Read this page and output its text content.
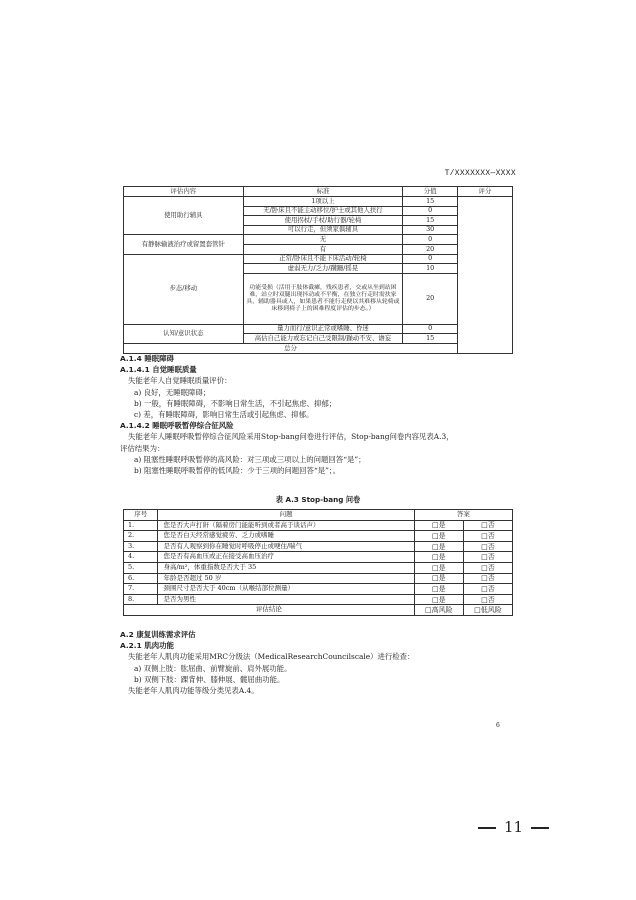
T/XXXXXXX—XXXX
评估内容	标准	分值	评分
使用助行辅具	1项以上	15	
	无/卧床且不能主动移位/护士或其他人扶行	0	
	使用拐杖/手杖/助行器/轮椅	15	
	可以行走，但须家俱辅具	30	
有静脉输液治疗或留置套管针	无	0	
	有	20	
步态/移动	正常/卧床且不能下床活动/轮椅	0	
	虚弱无力/乏力/蹒跚/摇晃	10	
	功能受损（活用于肢体截瘫，残疾患者，交或从坐到站困难，站立时双腿出现抖动或不平衡，在独立行走时需扶家具，辅助器具或人，如果患者不能行走便以其难移从轮椅或床移到椅子上的困难程度评估的步态。）	20	
认知/意识状态	量力而行/意识正常或嗜睡、昏迷	0	
	高估自己能力或忘记自己受限制/躁动不安、谵妄	15	
总分			
A.1.4 睡眠障碍
A.1.4.1 自觉睡眠质量
失能老年人自觉睡眠质量评价：
a) 良好，无睡眠障碍；
b) 一般，有睡眠障碍，不影响日常生活，不引起焦虑、抑郁；
c) 差，有睡眠障碍，影响日常生活或引起焦虑、抑郁。
A.1.4.2 睡眠呼吸暂停综合征风险
失能老年人睡眠呼吸暂停综合征风险采用Stop-bang问卷进行评估，Stop-bang问卷内容见表A.3，
评估结果为：
a) 阻塞性睡眠呼吸暂停的高风险：对三项或三项以上的问题回答“是”；
b) 阻塞性睡眠呼吸暂停的低风险：少于三项的问题回答“是”；。
表 A.3 Stop-bang 问卷
序号	问题	答案	
1.	您是否大声打鼾（隔着房门能能听到或者高于谈话声）	□是	□否
2.	您是否白天经常感觉疲劳、乏力或嗜睡	□是	□否
3.	是否有人观察到你在睡觉时呼吸停止或哽住/喘气	□是	□否
4.	您是否有高血压或正在接受高血压治疗	□是	□否
5.	身高/m²，体重指数是否大于 35	□是	□否
6.	年龄是否超过 50 岁	□是	□否
7.	颈围尺寸是否大于 40cm（从喉结部位测量）	□是	□否
8.	是否为男性	□是	□否
评估结论		□高风险	□低风险
A.2 康复训练需求评估
A.2.1 肌肉功能
失能老年人肌肉功能采用MRC分级法（MedicalResearchCouncilscale）进行检查：
a) 双侧上肢：肱屈曲、前臂旋前、肩外展功能。
b) 双侧下肢：踝背伸、膝伸展、髋屈曲功能。
失能老年人肌肉功能等级分类见表A.4。
6
11
